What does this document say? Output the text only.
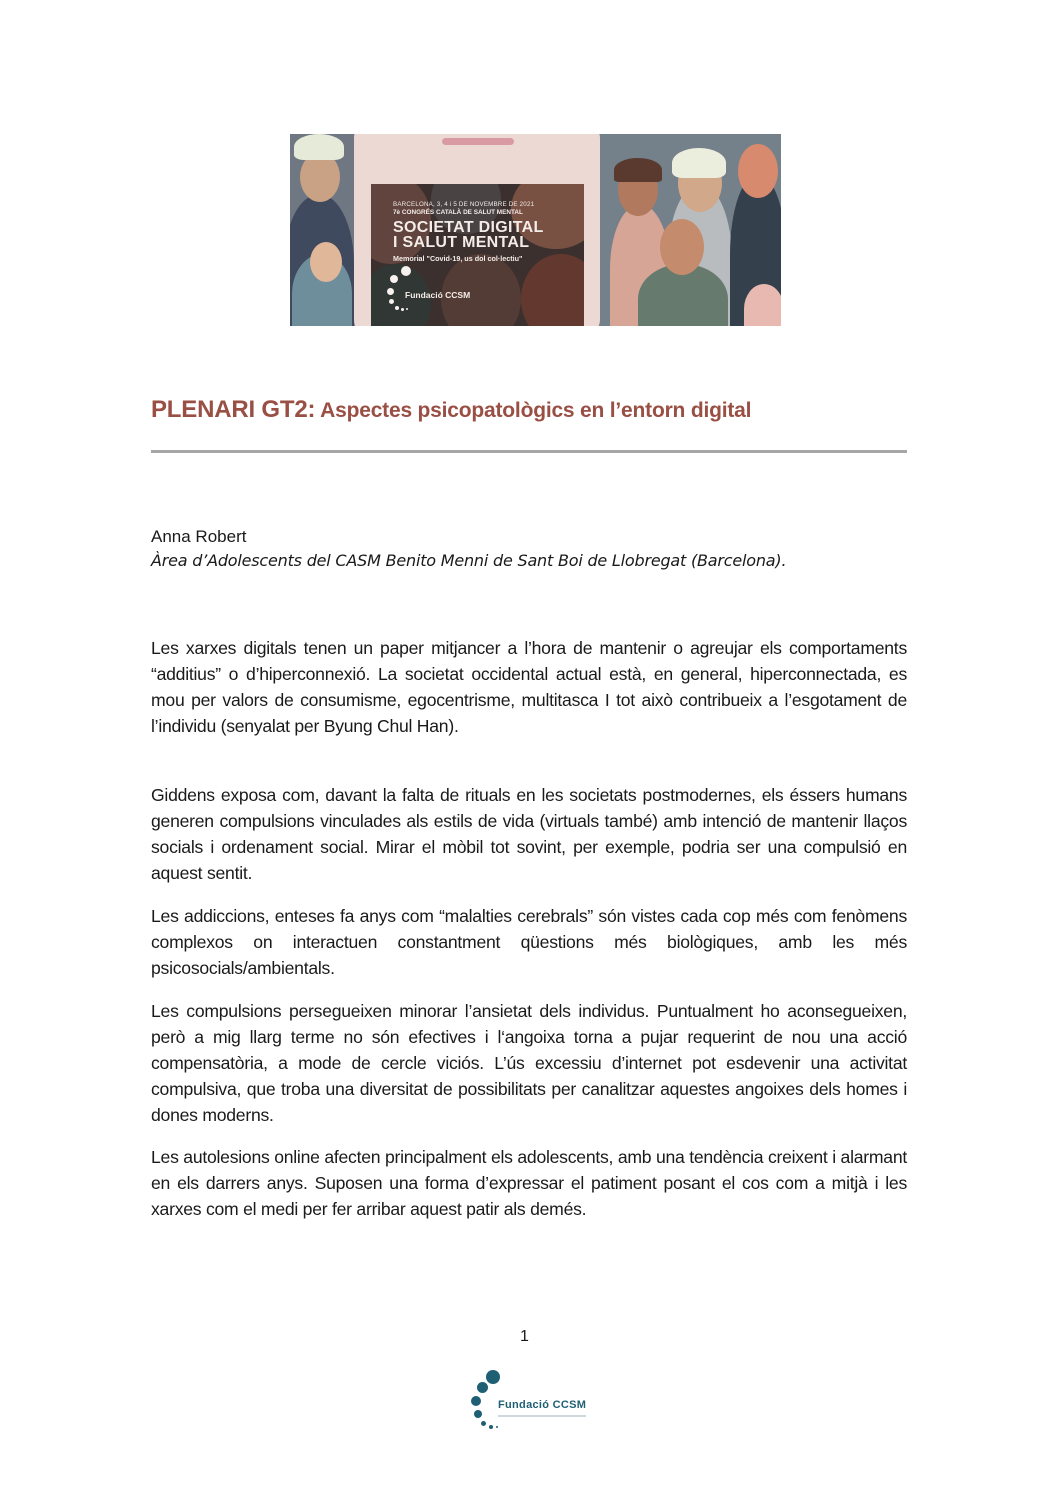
BARCELONA, 3, 4 i 5 DE NOVEMBRE DE 2021
7è CONGRÉS CATALÀ DE SALUT MENTAL
SOCIETAT DIGITAL
I SALUT MENTAL
Memorial "Covid-19, us dol col·lectiu"
Fundació CCSM
PLENARI GT2: Aspectes psicopatològics en l’entorn digital
Anna Robert
Àrea d’Adolescents del CASM Benito Menni de Sant Boi de Llobregat (Barcelona).

Les xarxes digitals tenen un paper mitjancer a l’hora de mantenir o agreujar els comportaments “additius” o d’hiperconnexió. La societat occidental actual està, en general, hiperconnectada, es mou per valors de consumisme, egocentrisme, multitasca I tot això contribueix a l’esgotament de l’individu (senyalat per Byung Chul Han).

Giddens exposa com, davant la falta de rituals en les societats postmodernes, els éssers humans generen compulsions vinculades als estils de vida (virtuals també) amb intenció de mantenir llaços socials i ordenament social. Mirar el mòbil tot sovint, per exemple, podria ser una compulsió en aquest sentit.

Les addiccions, enteses fa anys com “malalties cerebrals” són vistes cada cop més com fenòmens complexos on interactuen constantment qüestions més biològiques, amb les més psicosocials/ambientals.

Les compulsions persegueixen minorar l’ansietat dels individus. Puntualment ho aconsegueixen, però a mig llarg terme no són efectives i l‘angoixa torna a pujar requerint de nou una acció compensatòria, a mode de cercle viciós. L’ús excessiu d’internet pot esdevenir una activitat compulsiva, que troba una diversitat de possibilitats per canalitzar aquestes angoixes dels homes i dones moderns.

Les autolesions online afecten principalment els adolescents, amb una tendència creixent i alarmant en els darrers anys. Suposen una forma d’expressar el patiment posant el cos com a mitjà i les xarxes com el medi per fer arribar aquest patir als demés.

1
Fundació CCSM
